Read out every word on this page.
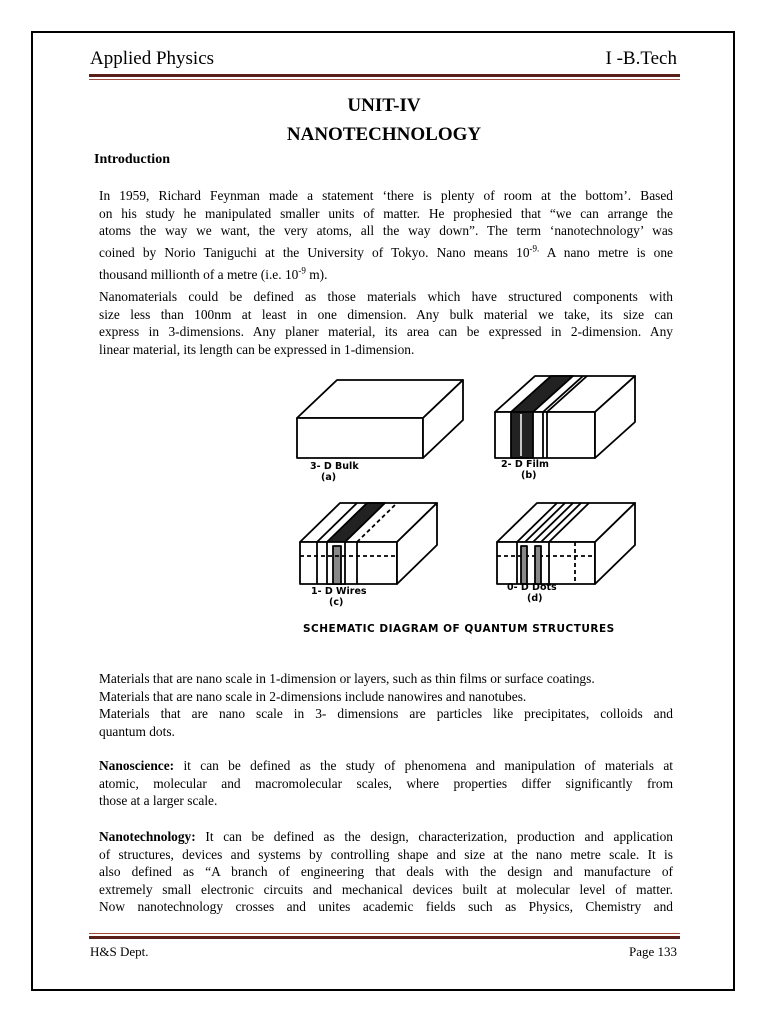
Applied Physics	I -B.Tech
UNIT-IV
NANOTECHNOLOGY
Introduction
In 1959, Richard Feynman made a statement ‘there is plenty of room at the bottom’. Based
on his study he manipulated smaller units of matter. He prophesied that “we can arrange the
atoms the way we want, the very atoms, all the way down”. The term ‘nanotechnology’ was
coined by Norio Taniguchi at the University of Tokyo. Nano means $10^{-9.}$ A nano metre is one
thousand millionth of a metre (i.e. $10^{-9}$ m).
Nanomaterials could be defined as those materials which have structured components with
size less than 100nm at least in one dimension. Any bulk material we take, its size can
express in 3-dimensions. Any planer material, its area can be expressed in 2-dimension. Any
linear material, its length can be expressed in 1-dimension.
3- D Bulk
(a)
2- D Film
(b)
1- D Wires
(c)
0- D Dots
(d)
SCHEMATIC DIAGRAM OF QUANTUM STRUCTURES
Materials that are nano scale in 1-dimension or layers, such as thin films or surface coatings.
Materials that are nano scale in 2-dimensions include nanowires and nanotubes.
Materials that are nano scale in 3- dimensions are particles like precipitates, colloids and
quantum dots.
Nanoscience: it can be defined as the study of phenomena and manipulation of materials at
atomic, molecular and macromolecular scales, where properties differ significantly from
those at a larger scale.
Nanotechnology: It can be defined as the design, characterization, production and application
of structures, devices and systems by controlling shape and size at the nano metre scale. It is
also defined as “A branch of engineering that deals with the design and manufacture of
extremely small electronic circuits and mechanical devices built at molecular level of matter.
Now nanotechnology crosses and unites academic fields such as Physics, Chemistry and
H&S Dept.	Page 133
